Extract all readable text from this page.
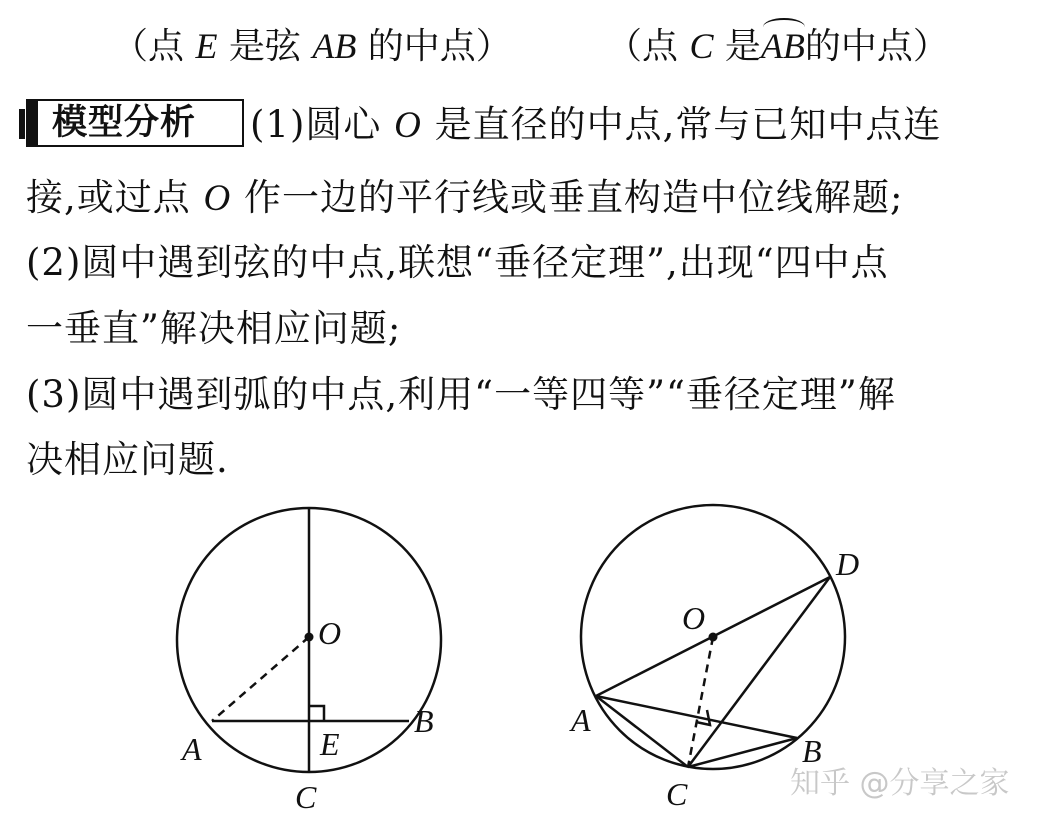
（点 E 是弦 AB 的中点）	（点 C 是AB的中点）
模型分析 (1)圆心 O 是直径的中点,常与已知中点连
接,或过点 O 作一边的平行线或垂直构造中位线解题;
(2)圆中遇到弦的中点,联想“垂径定理”,出现“四中点
一垂直”解决相应问题;
(3)圆中遇到弧的中点,利用“一等四等”“垂径定理”解
决相应问题.
O
A
B
E
C
O
A
B
C
D
知乎 @分享之家
